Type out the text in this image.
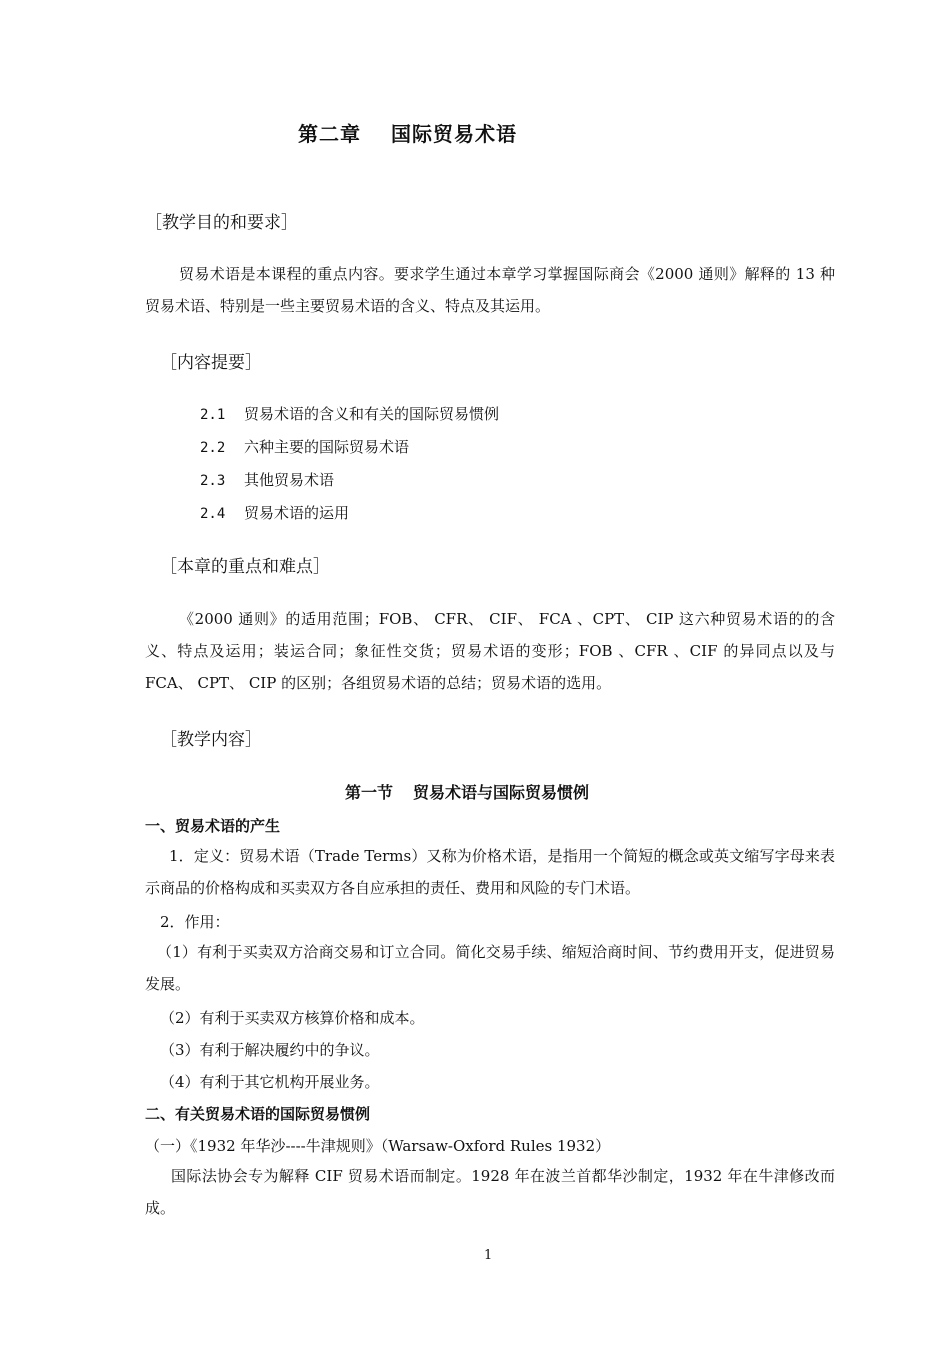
第二章 国际贸易术语
［教学目的和要求］

贸易术语是本课程的重点内容。要求学生通过本章学习掌握国际商会《2000 通则》解释的 13 种贸易术语、特别是一些主要贸易术语的含义、特点及其运用。

［内容提要］
2.1 贸易术语的含义和有关的国际贸易惯例
2.2 六种主要的国际贸易术语
2.3 其他贸易术语
2.4 贸易术语的运用
［本章的重点和难点］

《2000 通则》的适用范围；FOB、 CFR、 CIF、 FCA 、CPT、 CIP 这六种贸易术语的的含义、特点及运用；装运合同；象征性交货；贸易术语的变形；FOB 、CFR 、CIF 的异同点以及与 FCA、 CPT、 CIP 的区别；各组贸易术语的总结；贸易术语的选用。

［教学内容］
第一节 贸易术语与国际贸易惯例
一、贸易术语的产生

1．定义：贸易术语（Trade Terms）又称为价格术语，是指用一个简短的概念或英文缩写字母来表示商品的价格构成和买卖双方各自应承担的责任、费用和风险的专门术语。

2．作用：

（1）有利于买卖双方洽商交易和订立合同。简化交易手续、缩短洽商时间、节约费用开支，促进贸易发展。

（2）有利于买卖双方核算价格和成本。
（3）有利于解决履约中的争议。
（4）有利于其它机构开展业务。
二、有关贸易术语的国际贸易惯例
（一）《1932 年华沙----牛津规则》（Warsaw-Oxford Rules 1932）

国际法协会专为解释 CIF 贸易术语而制定。1928 年在波兰首都华沙制定，1932 年在牛津修改而成。

1
